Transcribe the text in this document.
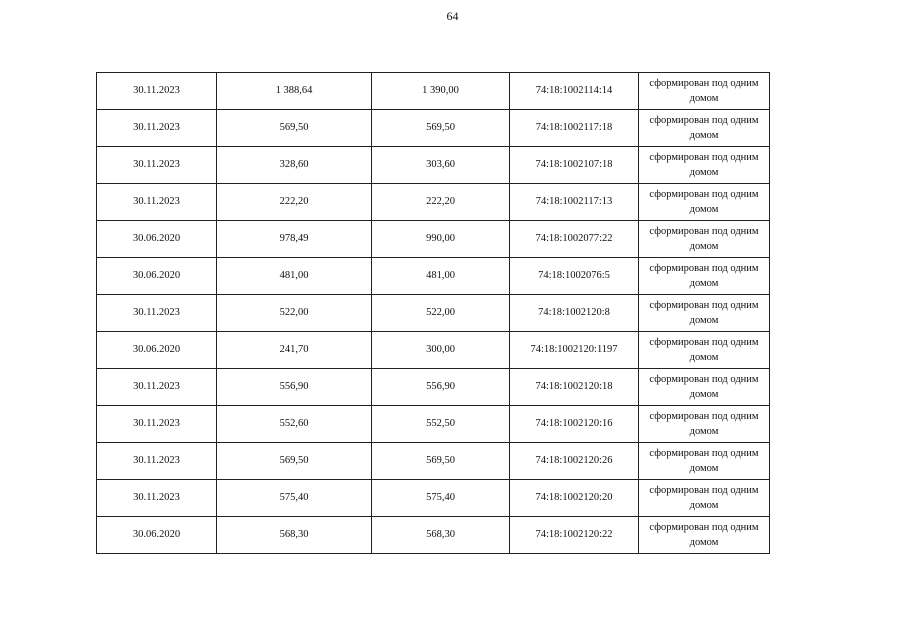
64
30.11.2023	1 388,64	1 390,00	74:18:1002114:14	сформирован под одним домом
30.11.2023	569,50	569,50	74:18:1002117:18	сформирован под одним домом
30.11.2023	328,60	303,60	74:18:1002107:18	сформирован под одним домом
30.11.2023	222,20	222,20	74:18:1002117:13	сформирован под одним домом
30.06.2020	978,49	990,00	74:18:1002077:22	сформирован под одним домом
30.06.2020	481,00	481,00	74:18:1002076:5	сформирован под одним домом
30.11.2023	522,00	522,00	74:18:1002120:8	сформирован под одним домом
30.06.2020	241,70	300,00	74:18:1002120:1197	сформирован под одним домом
30.11.2023	556,90	556,90	74:18:1002120:18	сформирован под одним домом
30.11.2023	552,60	552,50	74:18:1002120:16	сформирован под одним домом
30.11.2023	569,50	569,50	74:18:1002120:26	сформирован под одним домом
30.11.2023	575,40	575,40	74:18:1002120:20	сформирован под одним домом
30.06.2020	568,30	568,30	74:18:1002120:22	сформирован под одним домом
